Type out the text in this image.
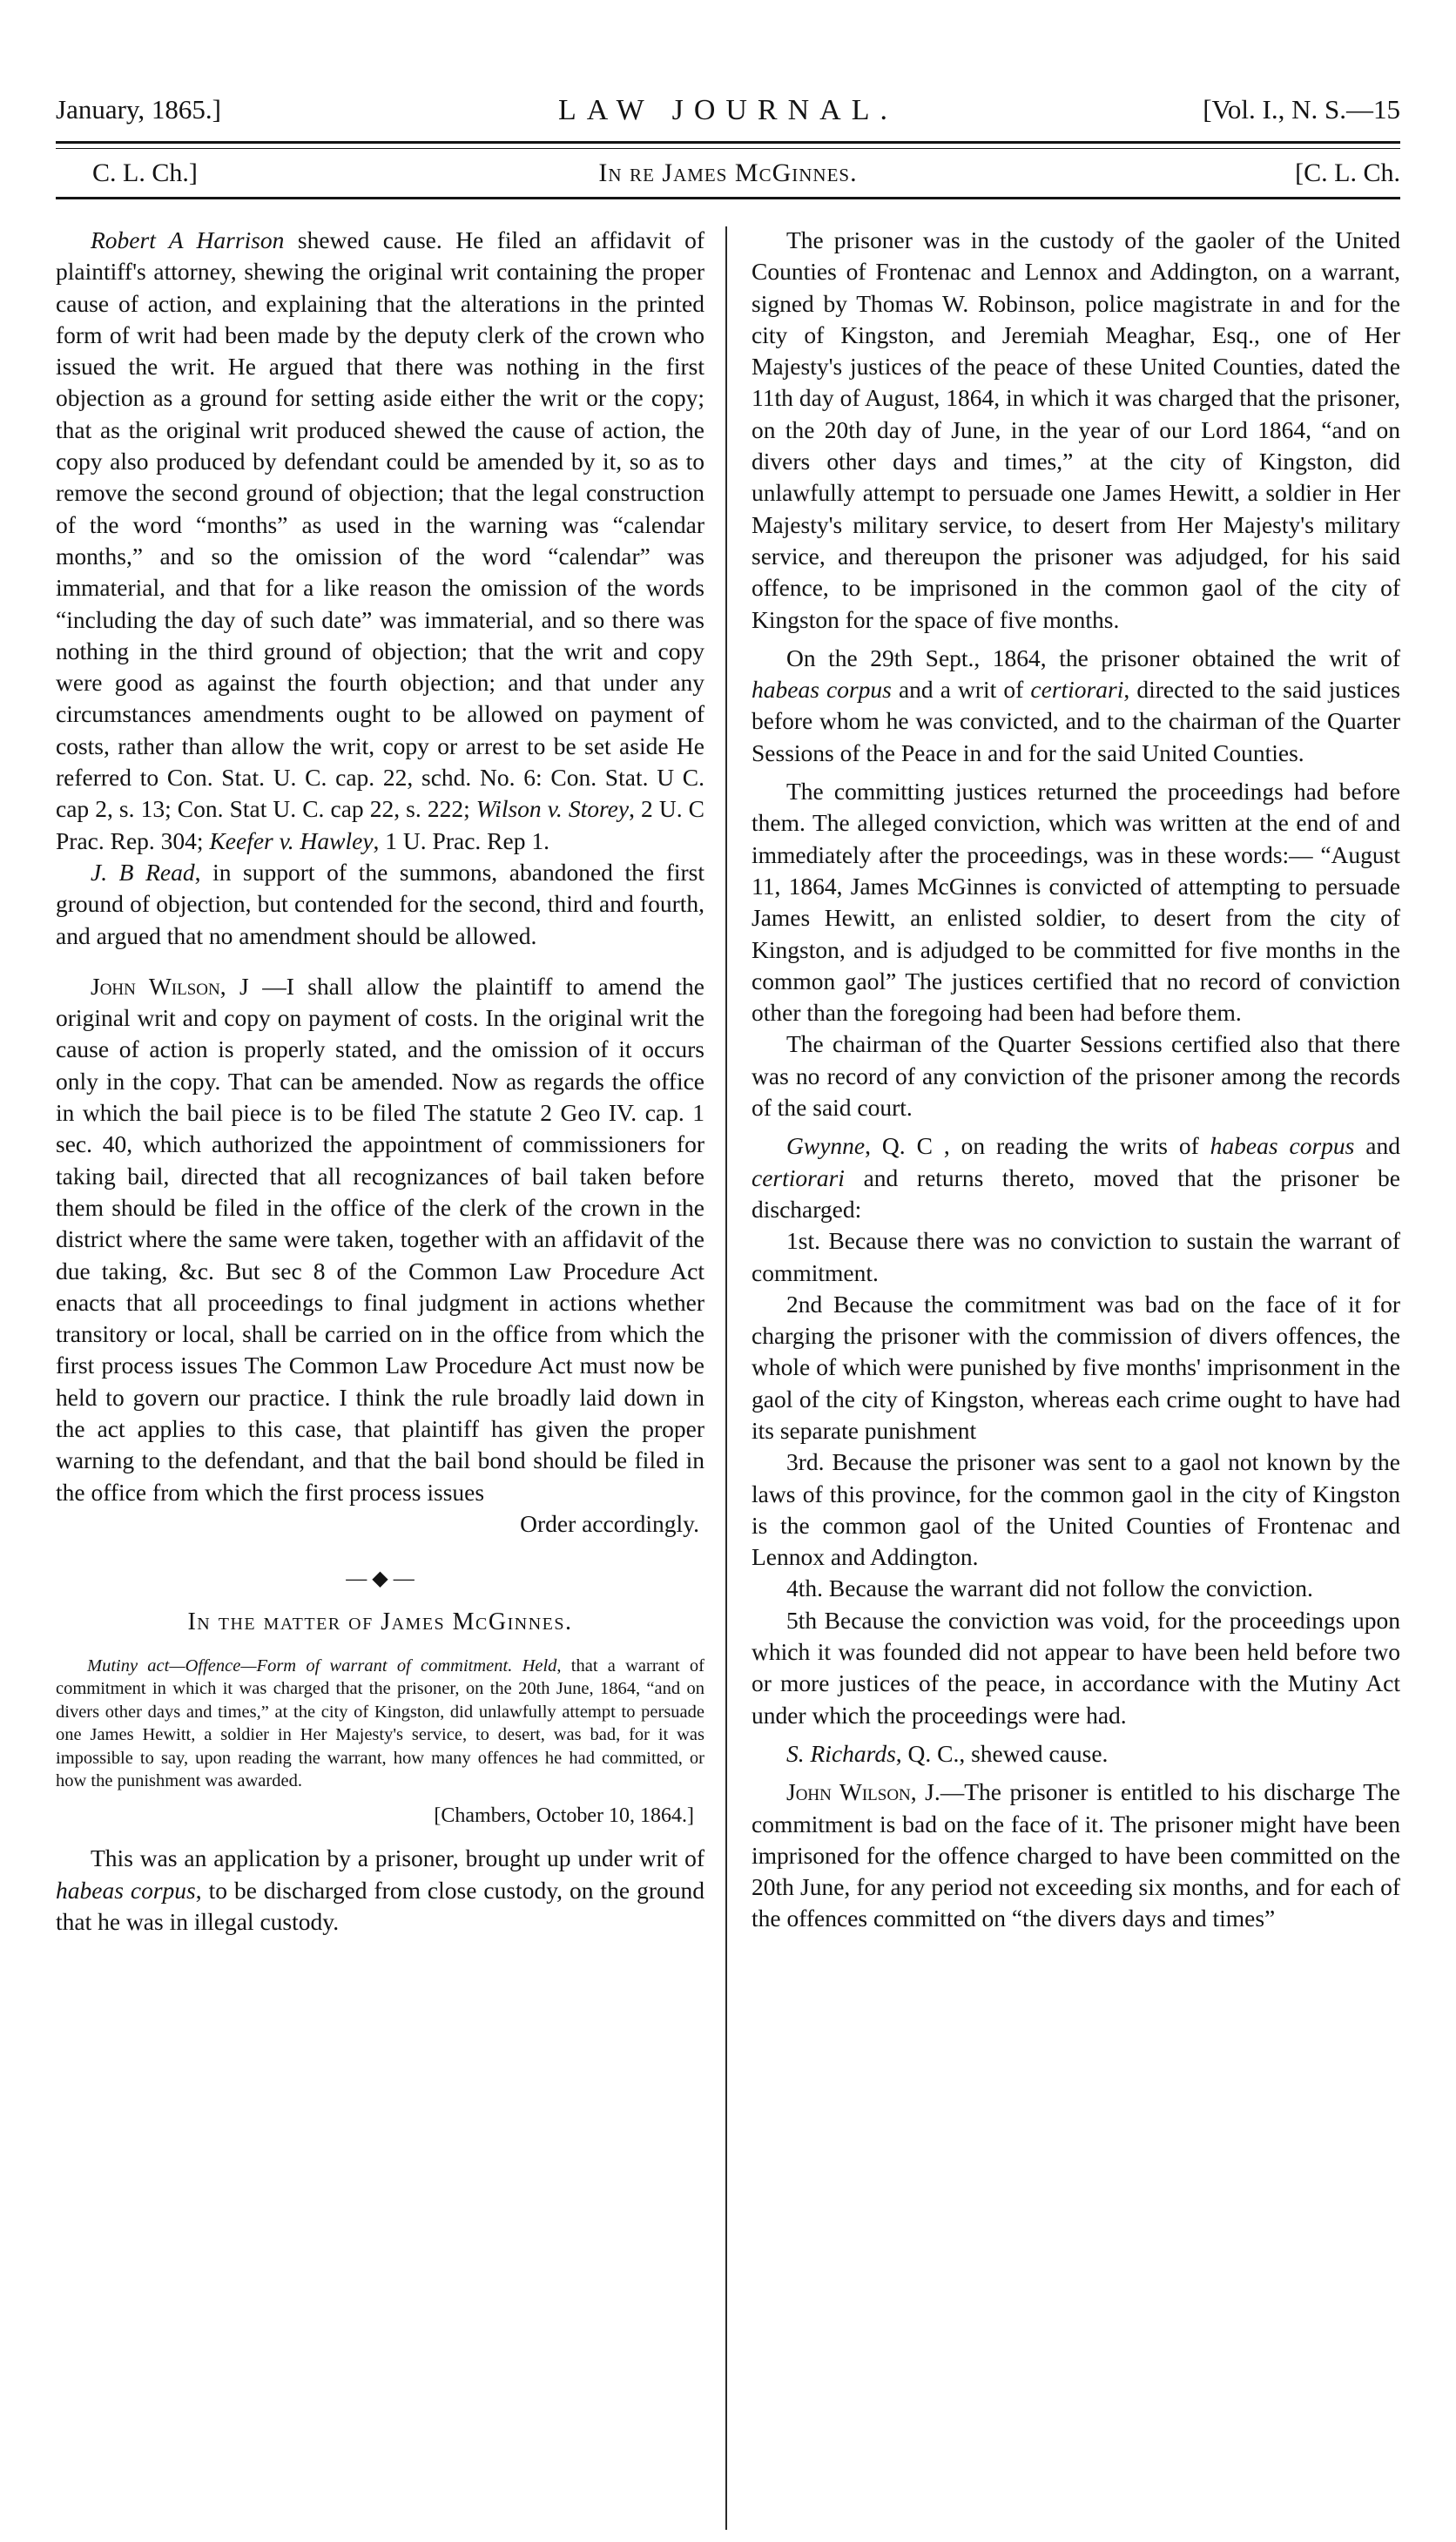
January, 1865.]	LAW JOURNAL.	[Vol. I., N. S.—15
C. L. Ch.]	In re James McGinnes.	[C. L. Ch.

Robert A Harrison shewed cause. He filed an affidavit of plaintiff's attorney, shewing the original writ containing the proper cause of action, and explaining that the alterations in the printed form of writ had been made by the deputy clerk of the crown who issued the writ. He argued that there was nothing in the first objection as a ground for setting aside either the writ or the copy; that as the original writ produced shewed the cause of action, the copy also produced by defendant could be amended by it, so as to remove the second ground of objection; that the legal construction of the word “months” as used in the warning was “calendar months,” and so the omission of the word “calendar” was immaterial, and that for a like reason the omission of the words “including the day of such date” was immaterial, and so there was nothing in the third ground of objection; that the writ and copy were good as against the fourth objection; and that under any circumstances amendments ought to be allowed on payment of costs, rather than allow the writ, copy or arrest to be set aside He referred to Con. Stat. U. C. cap. 22, schd. No. 6: Con. Stat. U C. cap 2, s. 13; Con. Stat U. C. cap 22, s. 222; Wilson v. Storey, 2 U. C Prac. Rep. 304; Keefer v. Hawley, 1 U. Prac. Rep 1.

J. B Read, in support of the summons, abandoned the first ground of objection, but contended for the second, third and fourth, and argued that no amendment should be allowed.

John Wilson, J —I shall allow the plaintiff to amend the original writ and copy on payment of costs. In the original writ the cause of action is properly stated, and the omission of it occurs only in the copy. That can be amended. Now as regards the office in which the bail piece is to be filed The statute 2 Geo IV. cap. 1 sec. 40, which authorized the appointment of commissioners for taking bail, directed that all recognizances of bail taken before them should be filed in the office of the clerk of the crown in the district where the same were taken, together with an affidavit of the due taking, &c. But sec 8 of the Common Law Procedure Act enacts that all proceedings to final judgment in actions whether transitory or local, shall be carried on in the office from which the first process issues The Common Law Procedure Act must now be held to govern our practice. I think the rule broadly laid down in the act applies to this case, that plaintiff has given the proper warning to the defendant, and that the bail bond should be filed in the office from which the first process issues

Order accordingly.

— ◆ —
In the matter of James McGinnes.

Mutiny act—Offence—Form of warrant of commitment. Held, that a warrant of commitment in which it was charged that the prisoner, on the 20th June, 1864, “and on divers other days and times,” at the city of Kingston, did unlawfully attempt to persuade one James Hewitt, a soldier in Her Majesty's service, to desert, was bad, for it was impossible to say, upon reading the warrant, how many offences he had committed, or how the punishment was awarded.

[Chambers, October 10, 1864.]

This was an application by a prisoner, brought up under writ of habeas corpus, to be discharged from close custody, on the ground that he was in illegal custody.

The prisoner was in the custody of the gaoler of the United Counties of Frontenac and Lennox and Addington, on a warrant, signed by Thomas W. Robinson, police magistrate in and for the city of Kingston, and Jeremiah Meaghar, Esq., one of Her Majesty's justices of the peace of these United Counties, dated the 11th day of August, 1864, in which it was charged that the prisoner, on the 20th day of June, in the year of our Lord 1864, “and on divers other days and times,” at the city of Kingston, did unlawfully attempt to persuade one James Hewitt, a soldier in Her Majesty's military service, to desert from Her Majesty's military service, and thereupon the prisoner was adjudged, for his said offence, to be imprisoned in the common gaol of the city of Kingston for the space of five months.

On the 29th Sept., 1864, the prisoner obtained the writ of habeas corpus and a writ of certiorari, directed to the said justices before whom he was convicted, and to the chairman of the Quarter Sessions of the Peace in and for the said United Counties.

The committing justices returned the proceedings had before them. The alleged conviction, which was written at the end of and immediately after the proceedings, was in these words:— “August 11, 1864, James McGinnes is convicted of attempting to persuade James Hewitt, an enlisted soldier, to desert from the city of Kingston, and is adjudged to be committed for five months in the common gaol” The justices certified that no record of conviction other than the foregoing had been had before them.

The chairman of the Quarter Sessions certified also that there was no record of any conviction of the prisoner among the records of the said court.

Gwynne, Q. C , on reading the writs of habeas corpus and certiorari and returns thereto, moved that the prisoner be discharged:

1st. Because there was no conviction to sustain the warrant of commitment.

2nd Because the commitment was bad on the face of it for charging the prisoner with the commission of divers offences, the whole of which were punished by five months' imprisonment in the gaol of the city of Kingston, whereas each crime ought to have had its separate punishment

3rd. Because the prisoner was sent to a gaol not known by the laws of this province, for the common gaol in the city of Kingston is the common gaol of the United Counties of Frontenac and Lennox and Addington.

4th. Because the warrant did not follow the conviction.

5th Because the conviction was void, for the proceedings upon which it was founded did not appear to have been held before two or more justices of the peace, in accordance with the Mutiny Act under which the proceedings were had.

S. Richards, Q. C., shewed cause.

John Wilson, J.—The prisoner is entitled to his discharge The commitment is bad on the face of it. The prisoner might have been imprisoned for the offence charged to have been committed on the 20th June, for any period not exceeding six months, and for each of the offences committed on “the divers days and times”
